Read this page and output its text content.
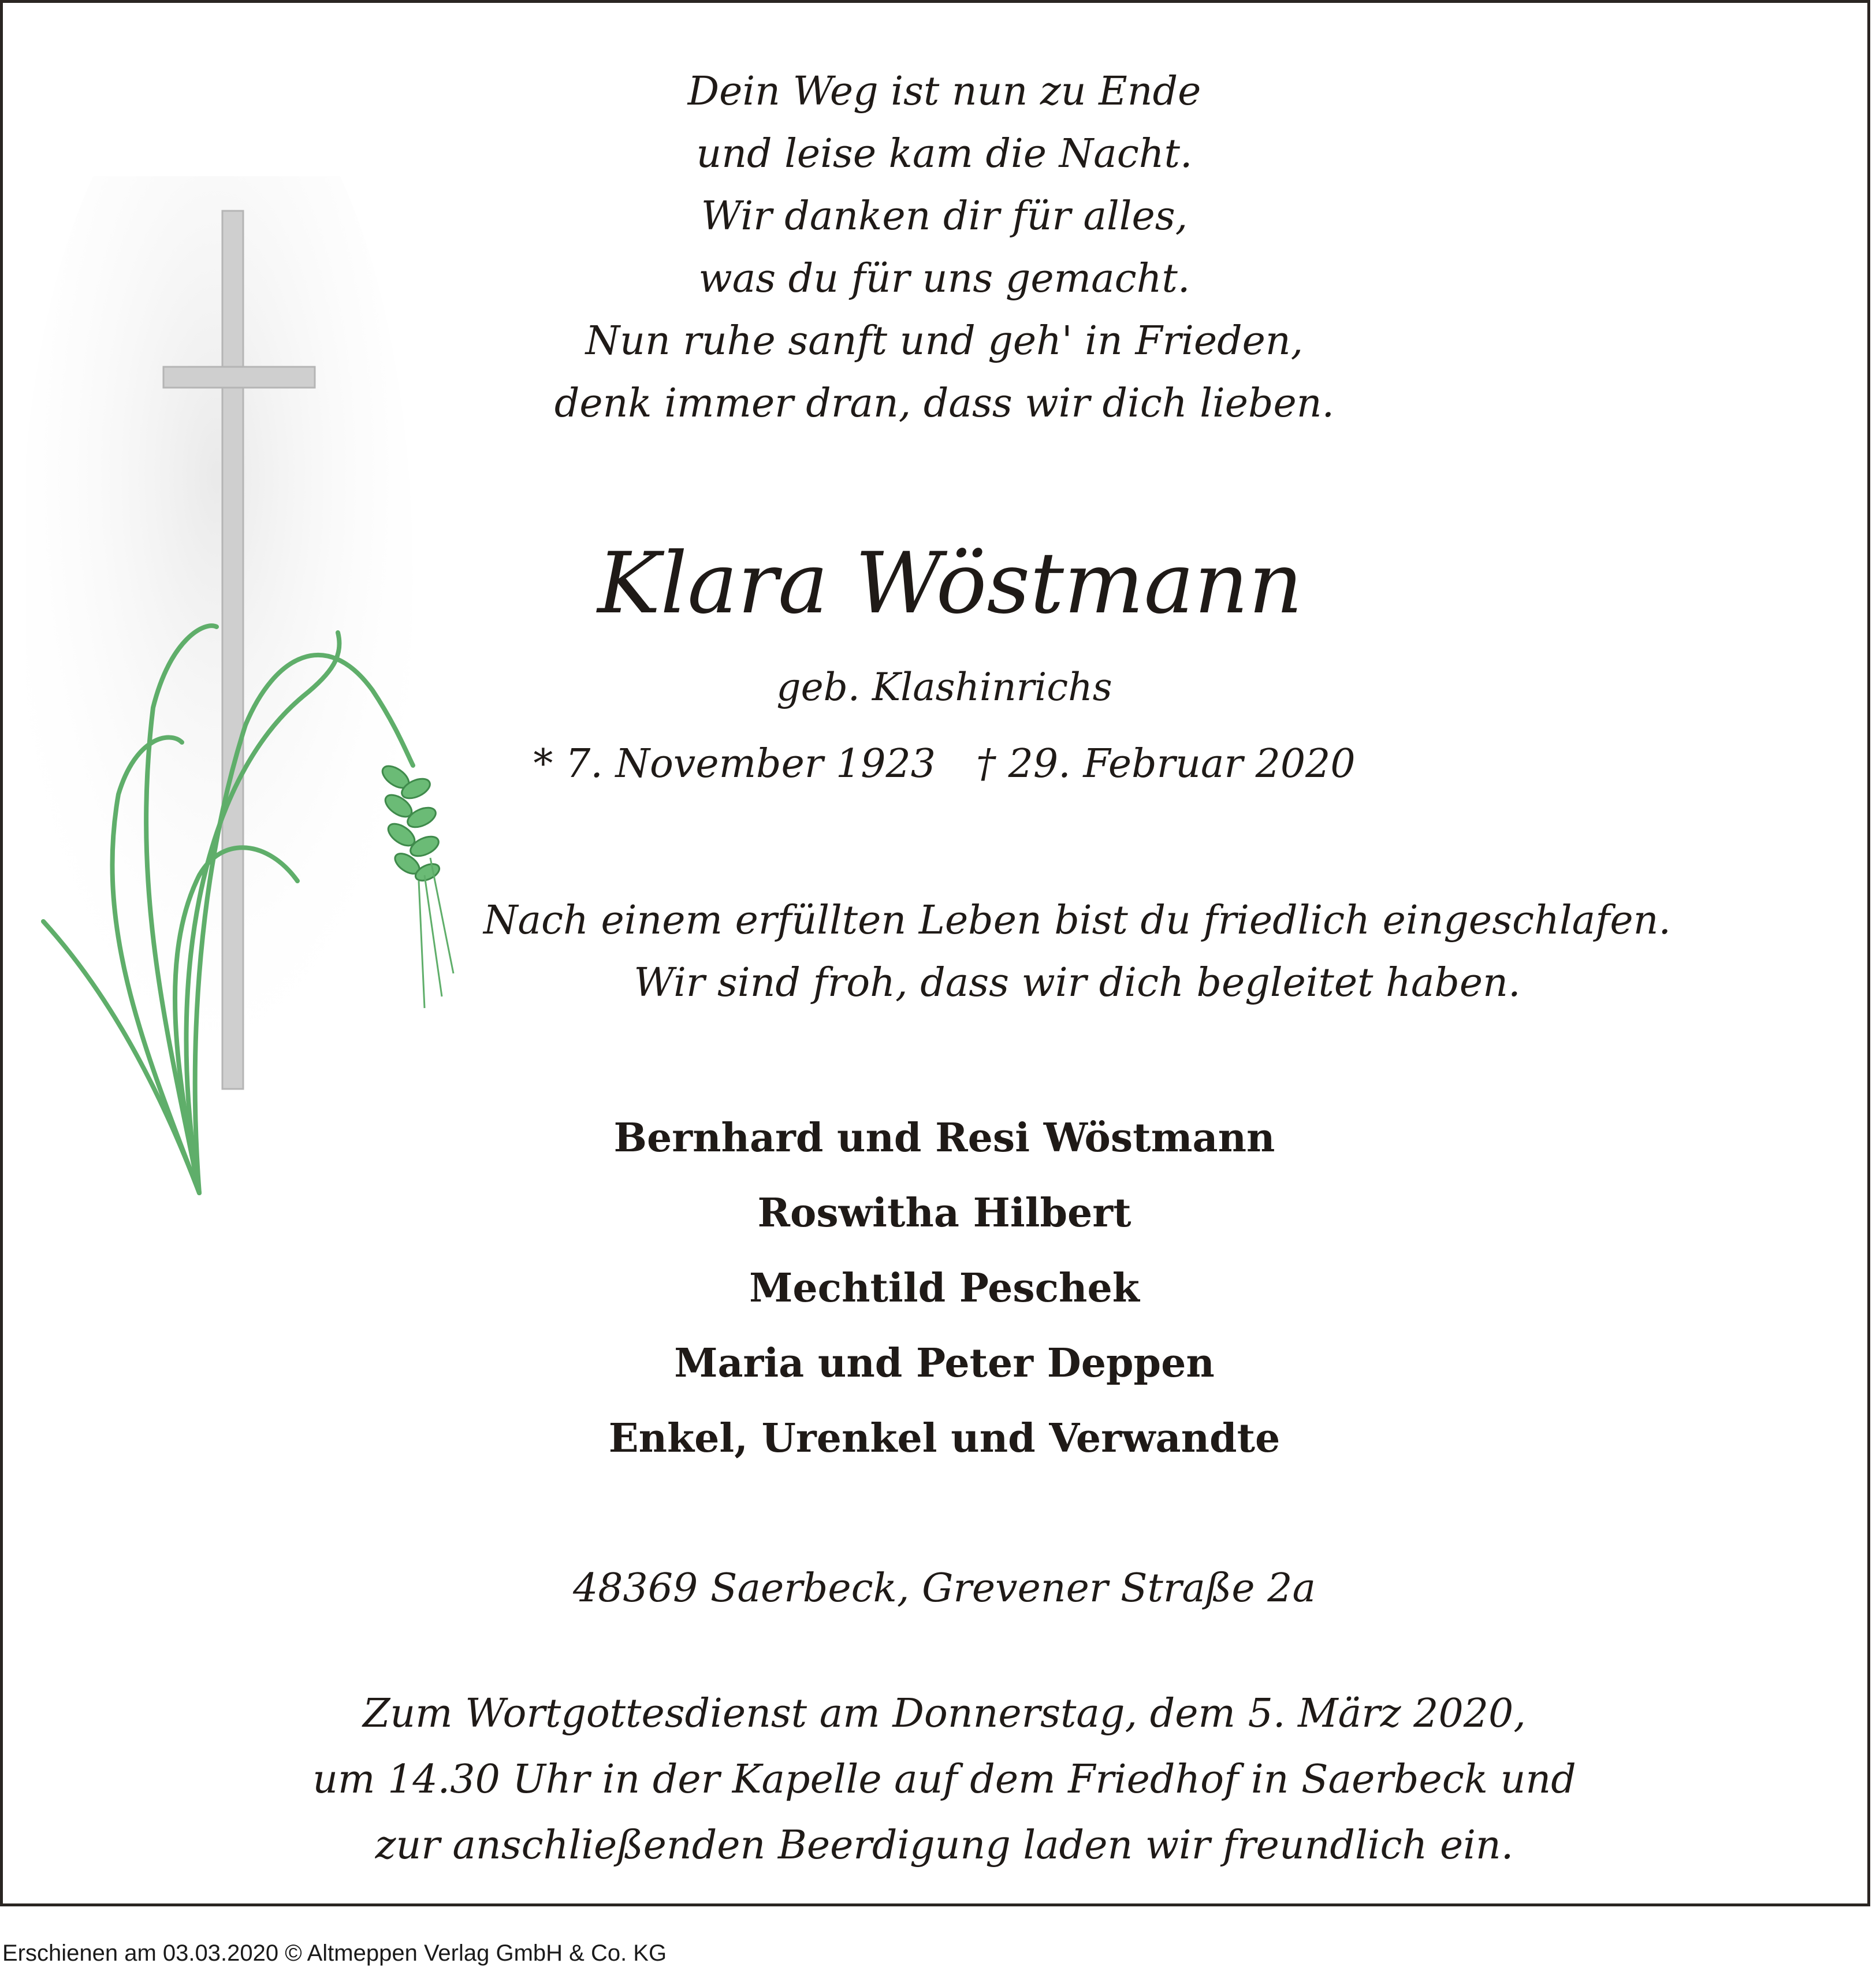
Dein Weg ist nun zu Ende
und leise kam die Nacht.
Wir danken dir für alles,
was du für uns gemacht.
Nun ruhe sanft und geh' in Frieden,
denk immer dran, dass wir dich lieben.
Klara Wöstmann
geb. Klashinrichs
* 7. November 1923 † 29. Februar 2020
Nach einem erfüllten Leben bist du friedlich eingeschlafen.
Wir sind froh, dass wir dich begleitet haben.
Bernhard und Resi Wöstmann
Roswitha Hilbert
Mechtild Peschek
Maria und Peter Deppen
Enkel, Urenkel und Verwandte
48369 Saerbeck, Grevener Straße 2a
Zum Wortgottesdienst am Donnerstag, dem 5. März 2020,
um 14.30 Uhr in der Kapelle auf dem Friedhof in Saerbeck und
zur anschließenden Beerdigung laden wir freundlich ein.
Erschienen am 03.03.2020 © Altmeppen Verlag GmbH & Co. KG
